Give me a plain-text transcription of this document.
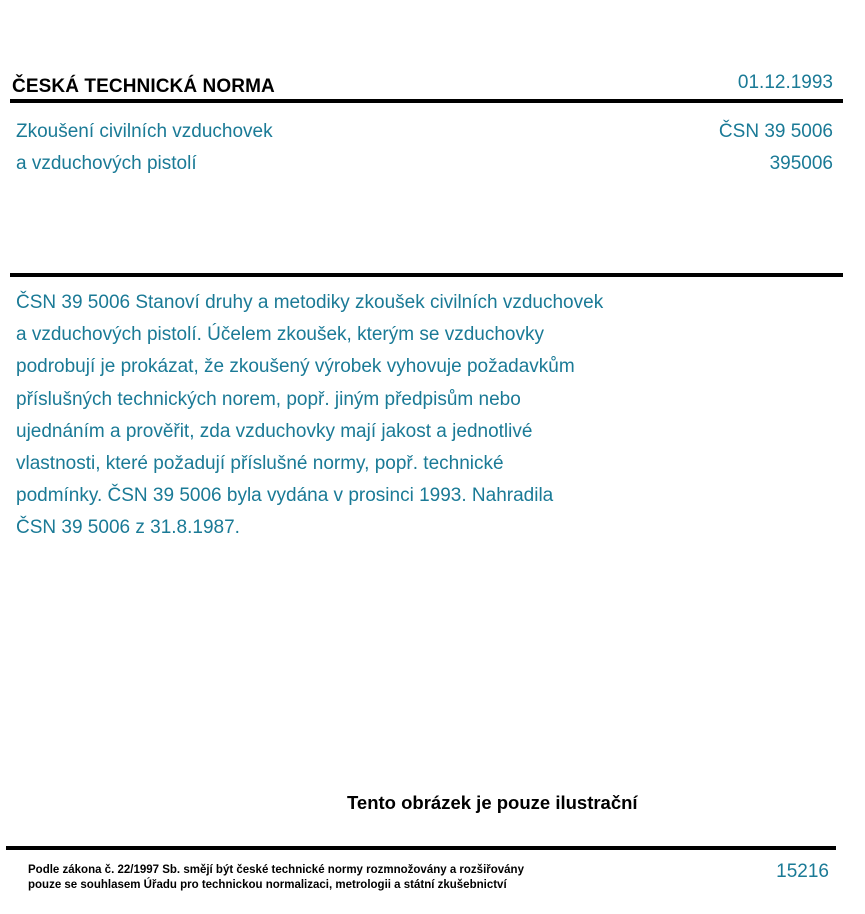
ČESKÁ TECHNICKÁ NORMA	01.12.1993
Zkoušení civilních vzduchovek
a vzduchových pistolí
ČSN 39 5006
395006

ČSN 39 5006 Stanoví druhy a metodiky zkoušek civilních vzduchovek

a vzduchových pistolí. Účelem zkoušek, kterým se vzduchovky

podrobují je prokázat, že zkoušený výrobek vyhovuje požadavkům

příslušných technických norem, popř. jiným předpisům nebo

ujednáním a prověřit, zda vzduchovky mají jakost a jednotlivé

vlastnosti, které požadují příslušné normy, popř. technické

podmínky. ČSN 39 5006 byla vydána v prosinci 1993. Nahradila

ČSN 39 5006 z 31.8.1987.

Tento obrázek je pouze ilustrační
Podle zákona č. 22/1997 Sb. smějí být české technické normy rozmnožovány a rozšiřovány
pouze se souhlasem Úřadu pro technickou normalizaci, metrologii a státní zkušebnictví
15216
